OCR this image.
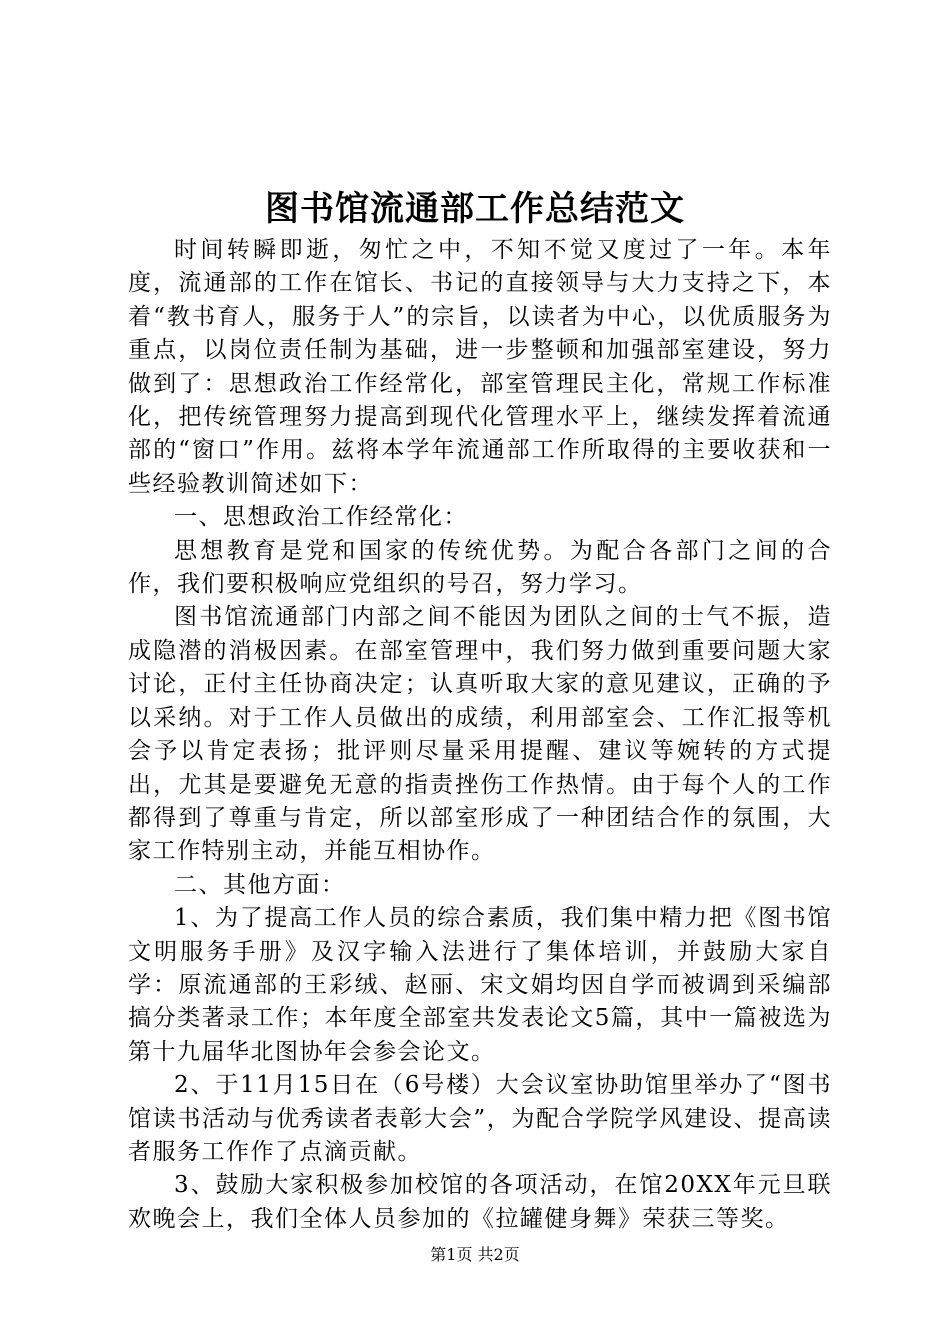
图书馆流通部工作总结范文

时间转瞬即逝，匆忙之中，不知不觉又度过了一年。本年度，流通部的工作在馆长、书记的直接领导与大力支持之下，本着“教书育人，服务于人”的宗旨，以读者为中心，以优质服务为重点，以岗位责任制为基础，进一步整顿和加强部室建设，努力做到了：思想政治工作经常化，部室管理民主化，常规工作标准化，把传统管理努力提高到现代化管理水平上，继续发挥着流通部的“窗口”作用。兹将本学年流通部工作所取得的主要收获和一些经验教训简述如下：

一、思想政治工作经常化：

思想教育是党和国家的传统优势。为配合各部门之间的合作，我们要积极响应党组织的号召，努力学习。

图书馆流通部门内部之间不能因为团队之间的士气不振，造成隐潜的消极因素。在部室管理中，我们努力做到重要问题大家讨论，正付主任协商决定；认真听取大家的意见建议，正确的予以采纳。对于工作人员做出的成绩，利用部室会、工作汇报等机会予以肯定表扬；批评则尽量采用提醒、建议等婉转的方式提出，尤其是要避免无意的指责挫伤工作热情。由于每个人的工作都得到了尊重与肯定，所以部室形成了一种团结合作的氛围，大家工作特别主动，并能互相协作。

二、其他方面：

1、为了提高工作人员的综合素质，我们集中精力把《图书馆文明服务手册》及汉字输入法进行了集体培训，并鼓励大家自学：原流通部的王彩绒、赵丽、宋文娟均因自学而被调到采编部搞分类著录工作；本年度全部室共发表论文5篇，其中一篇被选为第十九届华北图协年会参会论文。

2、于11月15日在（6号楼）大会议室协助馆里举办了“图书馆读书活动与优秀读者表彰大会”，为配合学院学风建设、提高读者服务工作作了点滴贡献。

3、鼓励大家积极参加校馆的各项活动，在馆20XX年元旦联欢晚会上，我们全体人员参加的《拉罐健身舞》荣获三等奖。

第1页 共2页
